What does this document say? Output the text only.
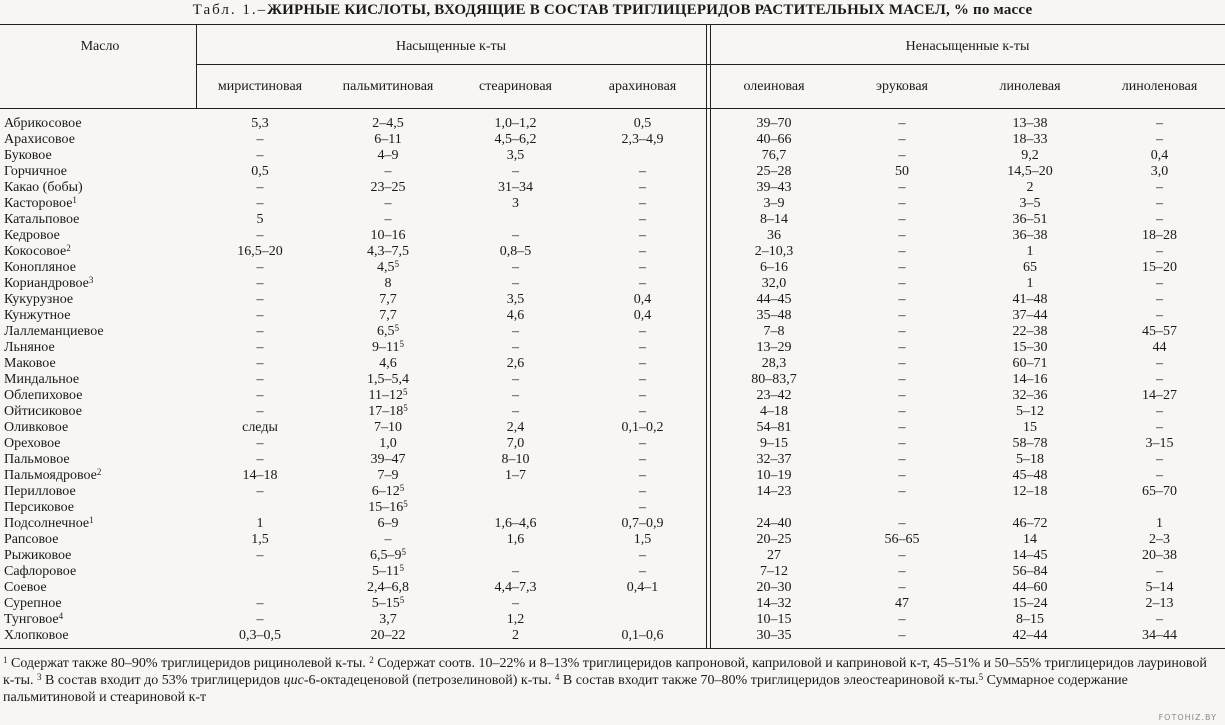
Табл. 1.–ЖИРНЫЕ КИСЛОТЫ, ВХОДЯЩИЕ В СОСТАВ ТРИГЛИЦЕРИДОВ РАСТИТЕЛЬНЫХ МАСЕЛ, % по массе
Масло	Насыщенные к-ты	Ненасыщенные к-ты
миристиновая	пальмитиновая	стеариновая	арахиновая	олеиновая	эруковая	линолевая	линоленовая
Абрикосовое	5,3	2–4,5	1,0–1,2	0,5		39–70	–	13–38	–
Арахисовое	–	6–11	4,5–6,2	2,3–4,9		40–66	–	18–33	–
Буковое	–	4–9	3,5			76,7	–	9,2	0,4
Горчичное	0,5	–	–	–		25–28	50	14,5–20	3,0
Какао (бобы)	–	23–25	31–34	–		39–43	–	2	–
Касторовое$^1$	–	–	3	–		3–9	–	3–5	–
Катальповое	5	–		–		8–14	–	36–51	–
Кедровое	–	10–16	–	–		36	–	36–38	18–28
Кокосовое$^2$	16,5–20	4,3–7,5	0,8–5	–		2–10,3	–	1	–
Конопляное	–	$4,5^5$	–	–		6–16	–	65	15–20
Кориандровое$^3$	–	8	–	–		32,0	–	1	–
Кукурузное	–	7,7	3,5	0,4		44–45	–	41–48	–
Кунжутное	–	7,7	4,6	0,4		35–48	–	37–44	–
Лаллеманциевое	–	$6,5^5$	–	–		7–8	–	22–38	45–57
Льняное	–	$9-11^5$	–	–		13–29	–	15–30	44
Маковое	–	4,6	2,6	–		28,3	–	60–71	–
Миндальное	–	1,5–5,4	–	–		80–83,7	–	14–16	–
Облепиховое	–	$11-12^5$	–	–		23–42	–	32–36	14–27
Ойтисиковое	–	$17-18^5$	–	–		4–18	–	5–12	–
Оливковое	следы	7–10	2,4	0,1–0,2		54–81	–	15	–
Ореховое	–	1,0	7,0	–		9–15	–	58–78	3–15
Пальмовое	–	39–47	8–10	–		32–37	–	5–18	–
Пальмоядровое$^2$	14–18	7–9	1–7	–		10–19	–	45–48	–
Перилловое	–	$6-12^5$		–		14–23	–	12–18	65–70
Персиковое		$15-16^5$		–					
Подсолнечное$^1$	1	6–9	1,6–4,6	0,7–0,9		24–40	–	46–72	1
Рапсовое	1,5	–	1,6	1,5		20–25	56–65	14	2–3
Рыжиковое	–	$6,5-9^5$		–		27	–	14–45	20–38
Сафлоровое		$5-11^5$	–	–		7–12	–	56–84	–
Соевое		2,4–6,8	4,4–7,3	0,4–1		20–30	–	44–60	5–14
Сурепное	–	$5-15^5$	–			14–32	47	15–24	2–13
Тунговое$^4$	–	3,7	1,2			10–15	–	8–15	–
Хлопковое	0,3–0,5	20–22	2	0,1–0,6		30–35	–	42–44	34–44
$^1$ Содержат также 80–90% триглицеридов рицинолевой к-ты. $^2$ Содержат соотв. 10–22% и 8–13% триглицеридов капроновой, каприловой и каприновой к-т, 45–51% и 50–55% триглицеридов лауриновой к-ты. $^3$ В состав входит до 53% триглицеридов цис-6-октадеценовой (петрозелиновой) к-ты. $^4$ В состав входит также 70–80% триглицеридов элеостеариновой к-ты.$^5$ Суммарное содержание пальмитиновой и стеариновой к-т
FOTOHIZ.BY
